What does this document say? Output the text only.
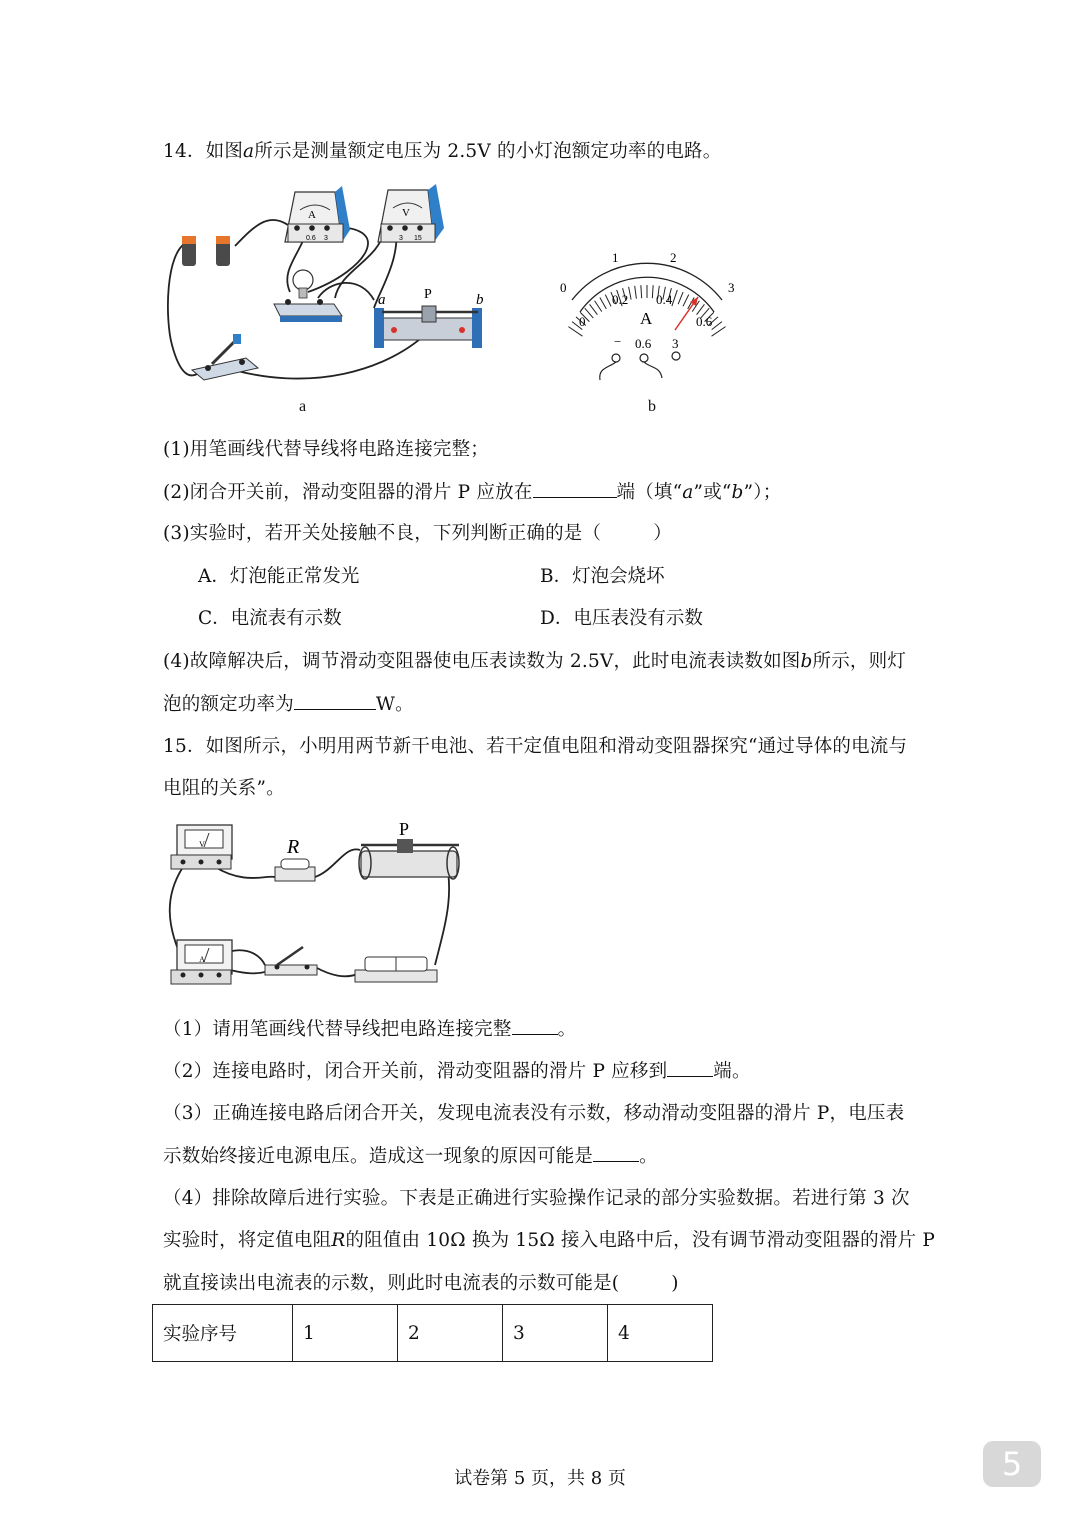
14．如图a所示是测量额定电压为 2.5V 的小灯泡额定功率的电路。
A
0.6 3
V
3 15
a	b
P
a
0
1	2
3
0
0.2 0.4
0.6
A
− 0.6 3
b
(1)用笔画线代替导线将电路连接完整；
(2)闭合开关前，滑动变阻器的滑片 P 应放在	端（填“a”或“b”）；
(3)实验时，若开关处接触不良，下列判断正确的是（	）
A．灯泡能正常发光	B．灯泡会烧坏
C．电流表有示数	D．电压表没有示数
(4)故障解决后，调节滑动变阻器使电压表读数为 2.5V，此时电流表读数如图b所示，则灯
泡的额定功率为	W。
15．如图所示，小明用两节新干电池、若干定值电阻和滑动变阻器探究“通过导体的电流与
电阻的关系”。
V	R
P
A
（1）请用笔画线代替导线把电路连接完整 。
（2）连接电路时，闭合开关前，滑动变阻器的滑片 P 应移到 端。
（3）正确连接电路后闭合开关，发现电流表没有示数，移动滑动变阻器的滑片 P，电压表
示数始终接近电源电压。造成这一现象的原因可能是 。
（4）排除故障后进行实验。下表是正确进行实验操作记录的部分实验数据。若进行第 3 次
实验时，将定值电阻R的阻值由 10Ω 换为 15Ω 接入电路中后，没有调节滑动变阻器的滑片 P
就直接读出电流表的示数，则此时电流表的示数可能是(	)
实验序号	1	2	3	4
试卷第 5 页，共 8 页	5
